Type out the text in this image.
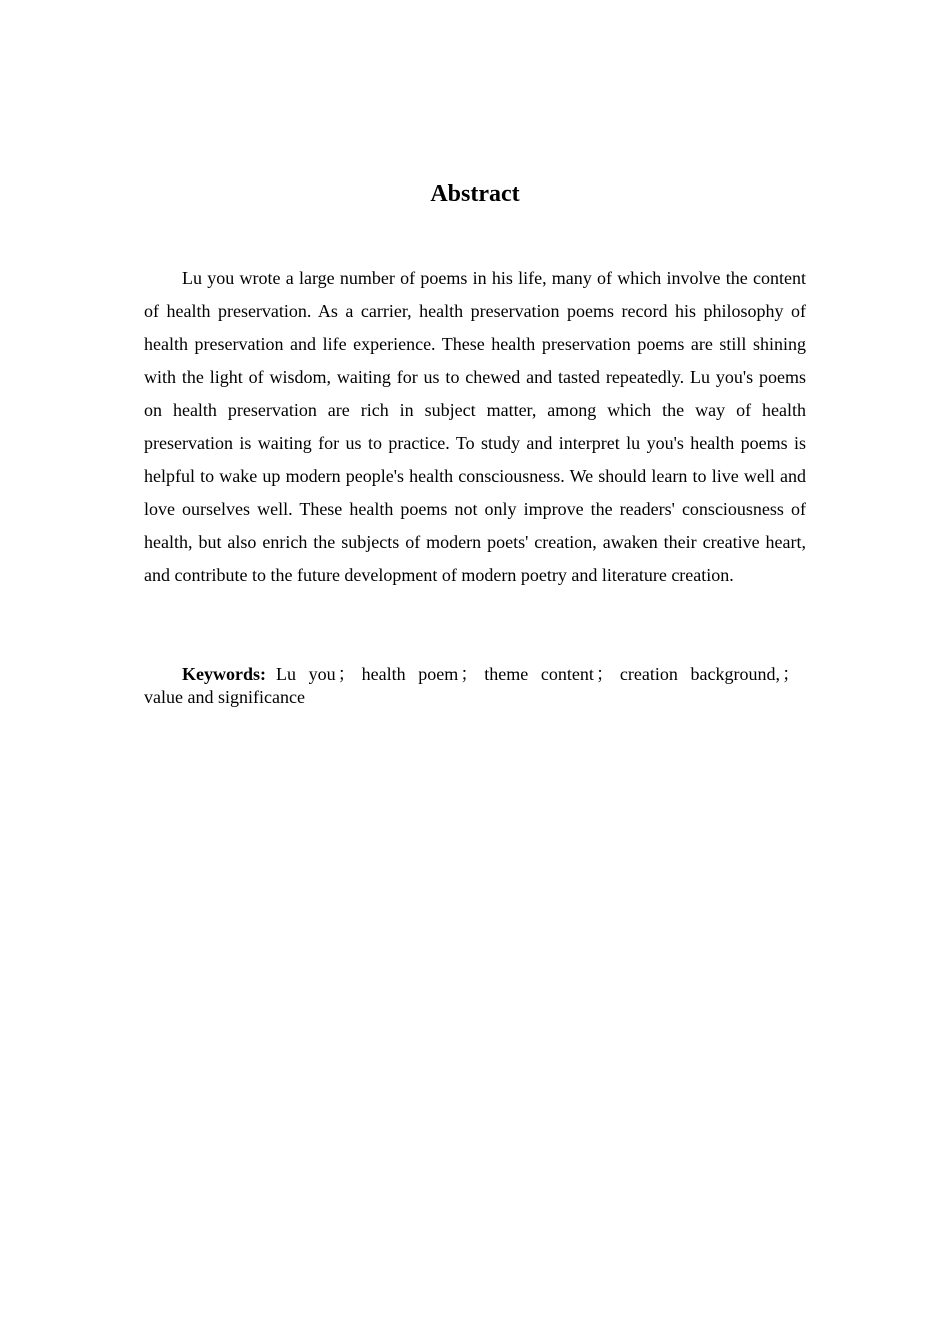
Abstract

Lu you wrote a large number of poems in his life, many of which involve the content of health preservation. As a carrier, health preservation poems record his philosophy of health preservation and life experience. These health preservation poems are still shining with the light of wisdom, waiting for us to chewed and tasted repeatedly. Lu you's poems on health preservation are rich in subject matter, among which the way of health preservation is waiting for us to practice. To study and interpret lu you's health poems is helpful to wake up modern people's health consciousness. We should learn to live well and love ourselves well. These health poems not only improve the readers' consciousness of health, but also enrich the subjects of modern poets' creation, awaken their creative heart, and contribute to the future development of modern poetry and literature creation.

Keywords: Lu you ； health poem ； theme content ； creation background, ；value and significance
